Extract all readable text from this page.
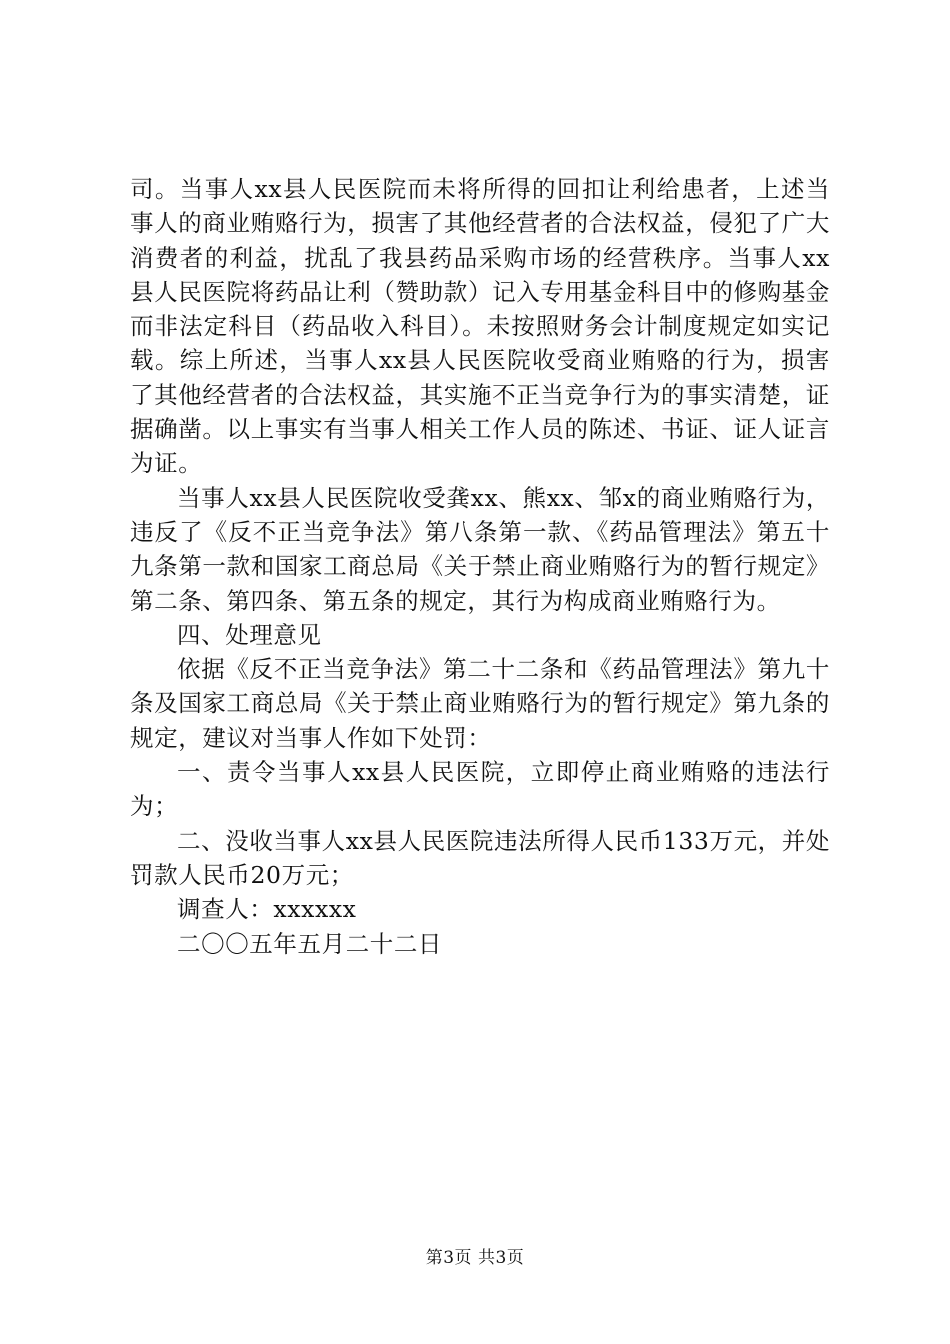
司。当事人xx县人民医院而未将所得的回扣让利给患者，上述当事人的商业贿赂行为，损害了其他经营者的合法权益，侵犯了广大消费者的利益，扰乱了我县药品采购市场的经营秩序。当事人xx县人民医院将药品让利（赞助款）记入专用基金科目中的修购基金而非法定科目（药品收入科目）。未按照财务会计制度规定如实记载。综上所述，当事人xx县人民医院收受商业贿赂的行为，损害了其他经营者的合法权益，其实施不正当竞争行为的事实清楚，证据确凿。以上事实有当事人相关工作人员的陈述、书证、证人证言为证。

当事人xx县人民医院收受龚xx、熊xx、邹x的商业贿赂行为，违反了《反不正当竞争法》第八条第一款、《药品管理法》第五十九条第一款和国家工商总局《关于禁止商业贿赂行为的暂行规定》第二条、第四条、第五条的规定，其行为构成商业贿赂行为。

四、处理意见

依据《反不正当竞争法》第二十二条和《药品管理法》第九十条及国家工商总局《关于禁止商业贿赂行为的暂行规定》第九条的规定，建议对当事人作如下处罚：

一、责令当事人xx县人民医院，立即停止商业贿赂的违法行为；

二、没收当事人xx县人民医院违法所得人民币133万元，并处罚款人民币20万元；

调查人：xxxxxx

二〇〇五年五月二十二日

第3页 共3页
